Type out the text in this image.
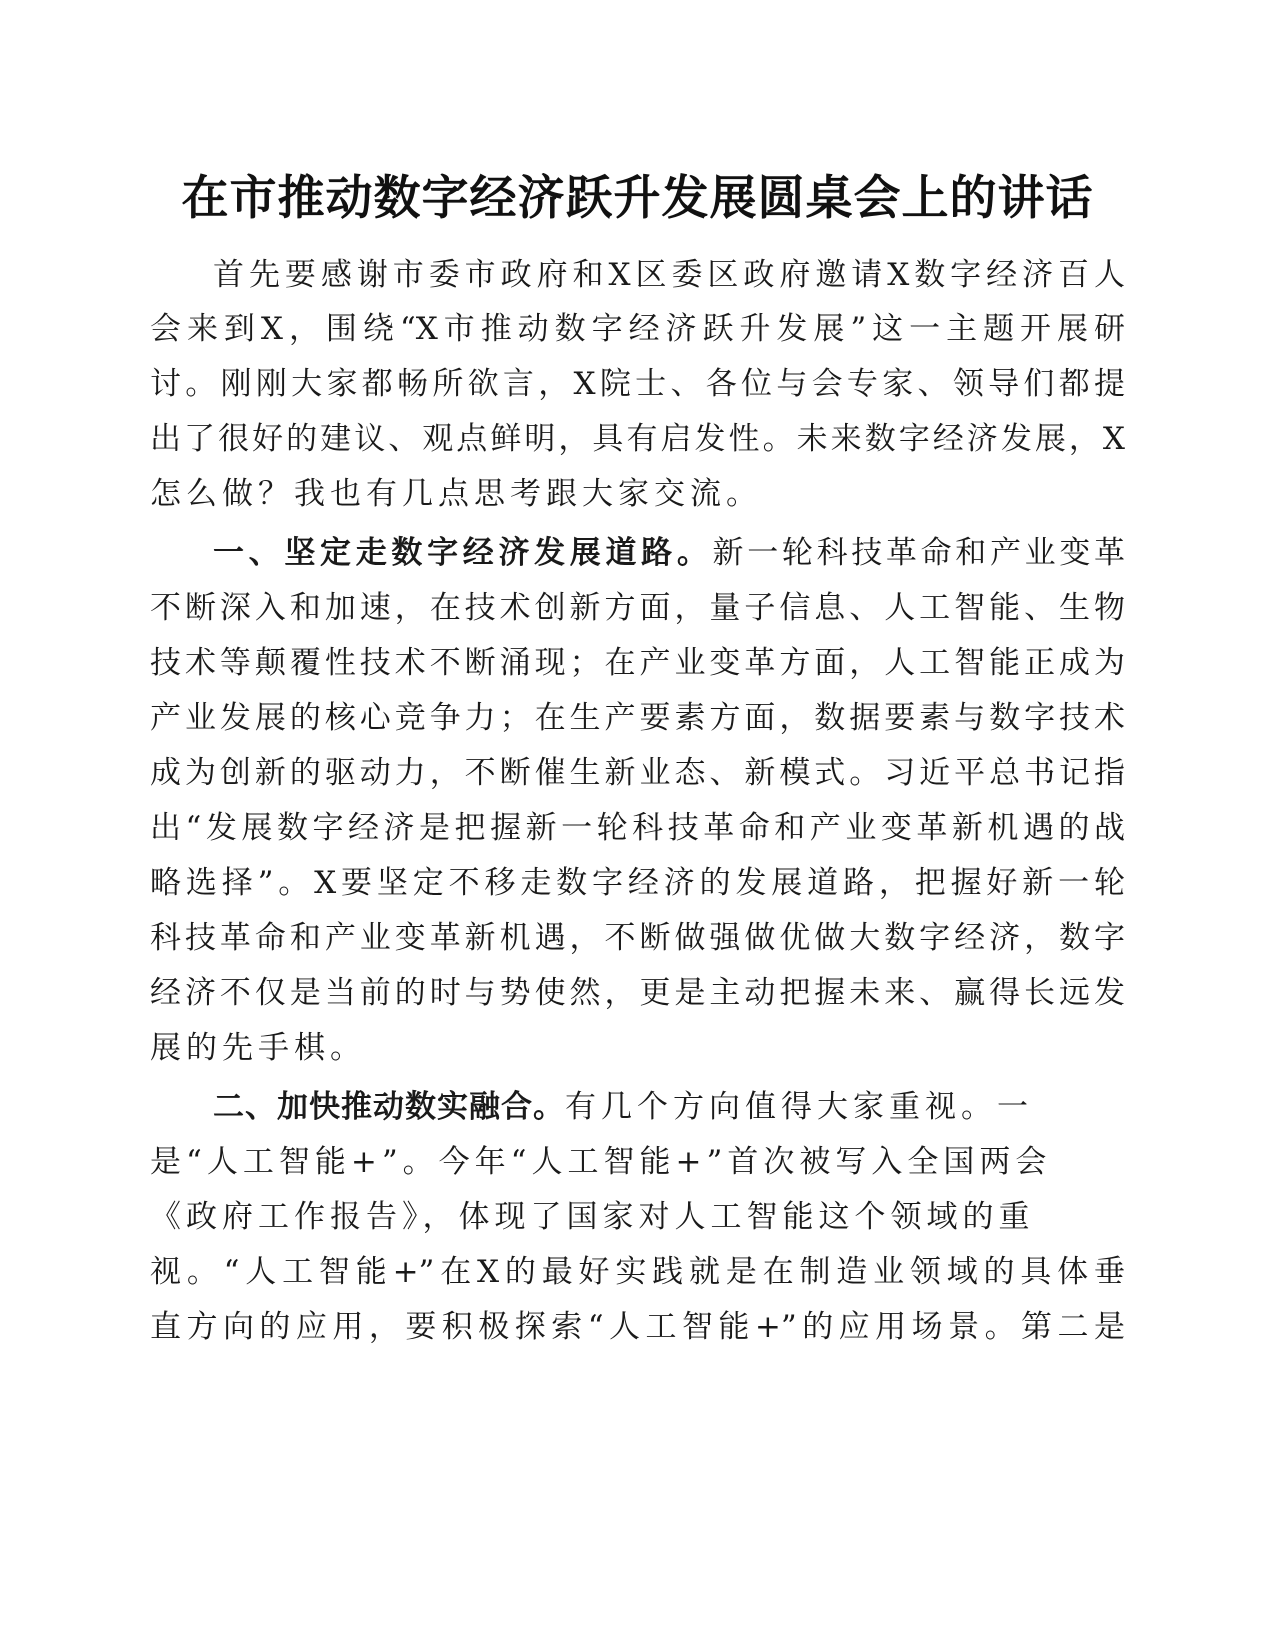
在市推动数字经济跃升发展圆桌会上的讲话

首先要感谢市委市政府和X区委区政府邀请X数字经济百人

会来到X，围绕“X市推动数字经济跃升发展”这一主题开展研

讨。刚刚大家都畅所欲言，X院士、各位与会专家、领导们都提

出了很好的建议、观点鲜明，具有启发性。未来数字经济发展，X

怎么做？我也有几点思考跟大家交流。

一、坚定走数字经济发展道路。新一轮科技革命和产业变革

不断深入和加速，在技术创新方面，量子信息、人工智能、生物

技术等颠覆性技术不断涌现；在产业变革方面，人工智能正成为

产业发展的核心竞争力；在生产要素方面，数据要素与数字技术

成为创新的驱动力，不断催生新业态、新模式。习近平总书记指

出“发展数字经济是把握新一轮科技革命和产业变革新机遇的战

略选择”。X要坚定不移走数字经济的发展道路，把握好新一轮

科技革命和产业变革新机遇，不断做强做优做大数字经济，数字

经济不仅是当前的时与势使然，更是主动把握未来、赢得长远发

展的先手棋。

二、加快推动数实融合。有几个方向值得大家重视。一

是“人工智能+”。今年“人工智能+”首次被写入全国两会

《政府工作报告》，体现了国家对人工智能这个领域的重

视。“人工智能+”在X的最好实践就是在制造业领域的具体垂

直方向的应用，要积极探索“人工智能+”的应用场景。第二是
